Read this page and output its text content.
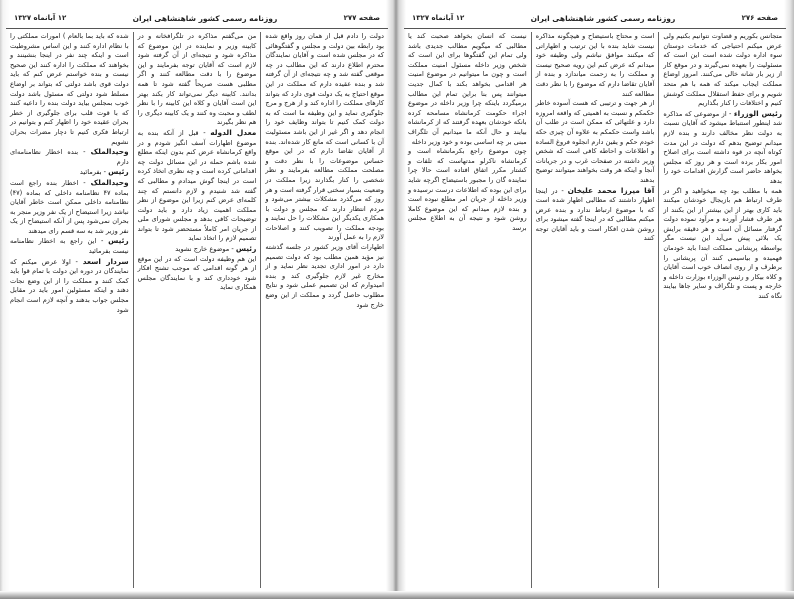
صفحه ۲۷۷
روزنامه رسمی کشور شاهنشاهی ایران
۱۲ آبانماه ۱۳۲۷

دولت را دادم قبل از همان روز واقع شده بود رابطه بین دولت و مجلس و گفتگوهائی که در مجلس شده است و آقایان نمایندگان محترم اطلاع دارند که این مطالب در چه موقعی گفته شد و چه نتیجه‌ای از آن گرفته شد و بنده عقیده دارم که مملکت در این موقع احتیاج به یک دولت قوی دارد که بتواند کارهای مملکت را اداره کند و از هرج و مرج جلوگیری نماید و این وظیفه ما است که به دولت کمک کنیم تا بتواند وظایف خود را انجام دهد و اگر غیر از این باشد مسئولیت آن با کسانی است که مانع کار شده‌اند. بنده از آقایان تقاضا دارم که در این موقع حساس موضوعات را با نظر دقت و مصلحت مملکت مطالعه بفرمایند و نظر شخصی را کنار بگذارند زیرا مملکت در وضعیت بسیار سختی قرار گرفته است و هر روز که می‌گذرد مشکلات بیشتر می‌شود و مردم انتظار دارند که مجلس و دولت با همکاری یکدیگر این مشکلات را حل نمایند و بودجه مملکت را تصویب کنند و اصلاحات لازم را به عمل آورند

اظهارات آقای وزیر کشور در جلسه گذشته نیز مؤید همین مطلب بود که دولت تصمیم دارد در امور اداری تجدید نظر نماید و از مخارج غیر لازم جلوگیری کند و بنده امیدوارم که این تصمیم عملی شود و نتایج مطلوب حاصل گردد و مملکت از این وضع خارج شود

من می‌گفتم مذاکره در تلگرافخانه و در کابینه وزیر و نماینده در این موضوع که مذاکره شود و نتیجه‌ای از آن گرفته شود لازم است که آقایان توجه بفرمایند و این موضوع را با دقت مطالعه کنند و اگر مطلبی هست صریحاً گفته شود تا همه بدانند. کابینه دیگر نمی‌تواند کار بکند بهتر این است آقایان و کلاه این کابینه را با نظر لطف و محبت وه کنند و یک کابینه دیگری را هم نظر بگیرند

معدل الدوله - قبل از آنکه بنده به موضوع اظهارات آسف انگیز شودم و در واقع کرمانشاه عرض کنم بدون اینکه مطلع شده باشم حمله در این مسائل دولت چه اقداماتی کرده است و چه نظری اتخاذ کرده است در اینجا گوش میدادم و مطالبی که گفته شد شنیدم و لازم دانستم که چند کلمه‌ای عرض کنم زیرا این موضوع از نظر مملکت اهمیت زیاد دارد و باید دولت توضیحات کافی بدهد و مجلس شورای ملی از جریان امر کاملاً مستحضر شود تا بتواند تصمیم لازم را اتخاذ نماید

رئیس - موضوع خارج نشوید

این هم وظیفه دولت است که در این موقع از هر گونه اقدامی که موجب تشنج افکار شود خودداری کند و با نمایندگان مجلس همکاری نماید

شده که باید بما بالعام ) امورات مملکتی را با نظام اداره کنند و این اساس مشروطیت است و اینکه چند نفر در اینجا بنشینند و بخواهند که مملکت را اداره کنند این صحیح نیست و بنده خواستم عرض کنم که باید دولت قوی باشد دولتی که بتواند بر اوضاع مسلط شود دولتی که مسئول باشد دولت خوب بمجلس بیاید دولت بنده را داعیه کنند که با قوت قلب برای جلوگیری از خطر بحران عقیده خود را اظهار کنم و بتوانیم در ارتباط فکری کنیم تا دچار مضرات بحران نشویم

وحیدالملک - بنده اخطار نظامنامه‌ای دارم

رئیس - بفرمائید

وحیدالملک - اخطار بنده راجع است بماده ۴۷ نظامنامه داخلی که بماده (۴۷) نظامنامه داخلی ممکن است خاطر آقایان نباشد زیرا استیضاح از یک نفر وزیر منجر به بحران نمی‌شود پس از آنکه استیضاح از یک نفر وزیر شد به سه قسم رای میدهند

رئیس - این راجع به اخطار نظامنامه نیست بفرمائید

سردار اسعد - اولا عرض میکنم که نمایندگان در دوره این دولت با تمام قوا باید کمک کنند و مملکت را از این وضع نجات دهند و اینکه مسئولین امور باید در مقابل مجلس جواب بدهند و آنچه لازم است انجام شود

صفحه ۲۷۶
روزنامه رسمی کشور شاهنشاهی ایران
۱۲ آبانماه ۱۳۲۷

متجانس بکوریم و قضاوت نتوانیم بکنیم ولی عرض میکنم احتیاجی که خدمات دوستان سوء اداره دولت شده است این است که مسئولیت را بعهده نمی‌گیرند و در موقع کار از زیر بار شانه خالی می‌کنند. امروز اوضاع مملکت ایجاب میکند که همه با هم متحد شویم و برای حفظ استقلال مملکت کوشش کنیم و اختلافات را کنار بگذاریم

رئیس الوزراء - از موضوعی که مذاکره شد اینطور استنباط میشود که آقایان نسبت به دولت نظر مخالف دارند و بنده لازم میدانم توضیح بدهم که دولت در این مدت کوتاه آنچه در قوه داشته است برای اصلاح امور بکار برده است و هر روز که مجلس بخواهد حاضر است گزارش اقدامات خود را بدهد

همه با مطلب بود چه میخواهید و اگر در طرف ارتباط هم بازیجال خودشان میکنند باید کاری بهتر از این بیشتر از این بکنند از هر طرف فشار آورده و مرآود نموده دولت گرفتار مسائل آن است و هر دقیقه برایش یک بلائی پیش می‌آید این نیست مگر بواسطه پریشانی مملکت ابتدا باید خودمان فهمیده و بیاسیمی کنند آن پریشانی را برطرف و از روی انصاف خوب است آقایان و کلاه بیکار و رئیس الوزراء بوزارت داخله و خارجه و پست و تلگراف و سایر جاها بیایند نگاه کنند

است و محتاج باستیضاح و هیچگونه مذاکره نیست شاید بنده با این ترتیب و اظهاراتی که میکنند موافق نباشم ولی وظیفه خود میدانم که عرض کنم این رویه صحیح نیست و مملکت را به زحمت میاندازد و بنده از آقایان تقاضا دارم که موضوع را با نظر دقت مطالعه کنند

از هر جهت و ترتیبی که هست آسوده خاطر حکمکم و نسبت به اهمیتی که واقعه امروزه دارد و علتهائی که ممکن است در طلب آن باشد واست حکمکم به علاوه آن چیزی حکه خودم حکم و یقین دارم انجلوه فروغ الساده و اطلاعات و احاطه کافی است که شخص وزیر داشته در صفحات غرب و در جریانات آنجا و اینکه هر وقت بخواهند میتوانند توضیح بدهند

آقا میرزا محمد علیخان - در اینجا اظهار داشتند که مطالبی اظهار شده است که با موضوع ارتباط ندارد و بنده عرض میکنم مطالبی که در اینجا گفته میشود برای روشن شدن افکار است و باید آقایان توجه کنند

نیست که انسان بخواهد صحبت کند یا مطالبی که میگویم مطالب جدیدی باشد ولی تمام این گفتگوها برای این است که شخص وزیر داخله مسئول امنیت مملکت است و چون ما میتوانیم در موضوع امنیت هر اقدامی بخواهد بکند با کمال جدیت میتوانند پس بنا براین تمام این مطالب برمیگردد باینکه چرا وزیر داخله در موضوع اجراء حکومت کرمانشاه مسامحه کرده بانکه خودشان بعهده گرفتند که از کرمانشاه بیایند و حال آنکه ما میدانیم آن تلگراف مبنی بر چه اساسی بوده و خود وزیر داخله

چون موضوع راجع بکرمانشاه است و کرمانشاه ناکرلو مدتهاست که تلفات و کشتار مکرر اتفاق افتاده است حالا چرا نماینده گان را مجبور باستیضاح اگرچه شاید برای این بوده که اطلاعات درست نرسیده و وزیر داخله از جریان امر مطلع نبوده است و بنده لازم میدانم که این موضوع کاملا روشن شود و نتیجه آن به اطلاع مجلس برسد
